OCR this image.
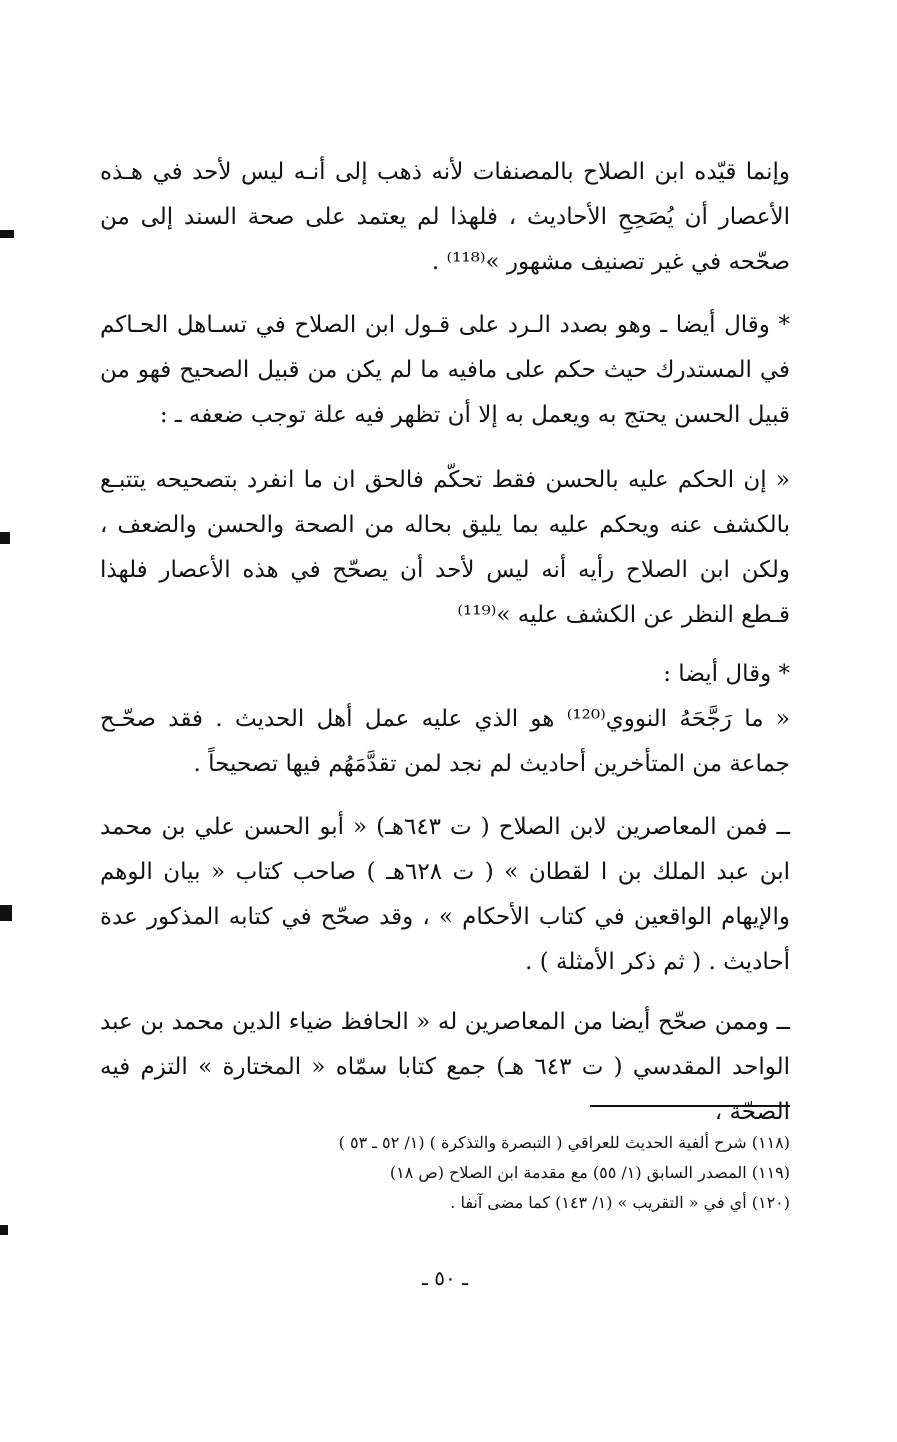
وإنما قيّده ابن الصلاح بالمصنفات لأنه ذهب إلى أنـه ليس لأحد في هـذه الأعصار أن يُصَحِحِ الأحاديث ، فلهذا لم يعتمد على صحة السند إلى من صحّحه في غير تصنيف مشهور »⁽¹¹⁸⁾ .

* وقال أيضا ـ وهو بصدد الـرد على قـول ابن الصلاح في تسـاهل الحـاكم في المستدرك حيث حكم على مافيه ما لم يكن من قبيل الصحيح فهو من قبيل الحسن يحتج به ويعمل به إلا أن تظهر فيه علة توجب ضعفه ـ :

« إن الحكم عليه بالحسن فقط تحكّم فالحق ان ما انفرد بتصحيحه يتتبـع بالكشف عنه ويحكم عليه بما يليق بحاله من الصحة والحسن والضعف ، ولكن ابن الصلاح رأيه أنه ليس لأحد أن يصحّح في هذه الأعصار فلهذا قـطع النظر عن الكشف عليه »⁽¹¹⁹⁾

* وقال أيضا :

« ما رَجَّحَهُ النووي⁽¹²⁰⁾ هو الذي عليه عمل أهل الحديث . فقد صحّـح جماعة من المتأخرين أحاديث لم نجد لمن تقدَّمَهُم فيها تصحيحاً .

ــ فمن المعاصرين لابن الصلاح ( ت ٦٤٣هـ) « أبو الحسن علي بن محمد ابن عبد الملك بن ا لقطان » ( ت ٦٢٨هـ ) صاحب كتاب « بيان الوهم والإيهام الواقعين في كتاب الأحكام » ، وقد صحّح في كتابه المذكور عدة أحاديث . ( ثم ذكر الأمثلة ) .

ــ وممن صحّح أيضا من المعاصرين له « الحافظ ضياء الدين محمد بن عبد الواحد المقدسي ( ت ٦٤٣ هـ) جمع كتابا سمّاه « المختارة » التزم فيه الصحّة ،

(١١٨) شرح ألفية الحديث للعراقي ( التبصرة والتذكرة ) (١/ ٥٢ ـ ٥٣ )
(١١٩) المصدر السابق (١/ ٥٥) مع مقدمة ابن الصلاح (ص ١٨)
(١٢٠) أي في « التقريب » (١/ ١٤٣) كما مضى آنفا .
ـ ٥٠ ـ
